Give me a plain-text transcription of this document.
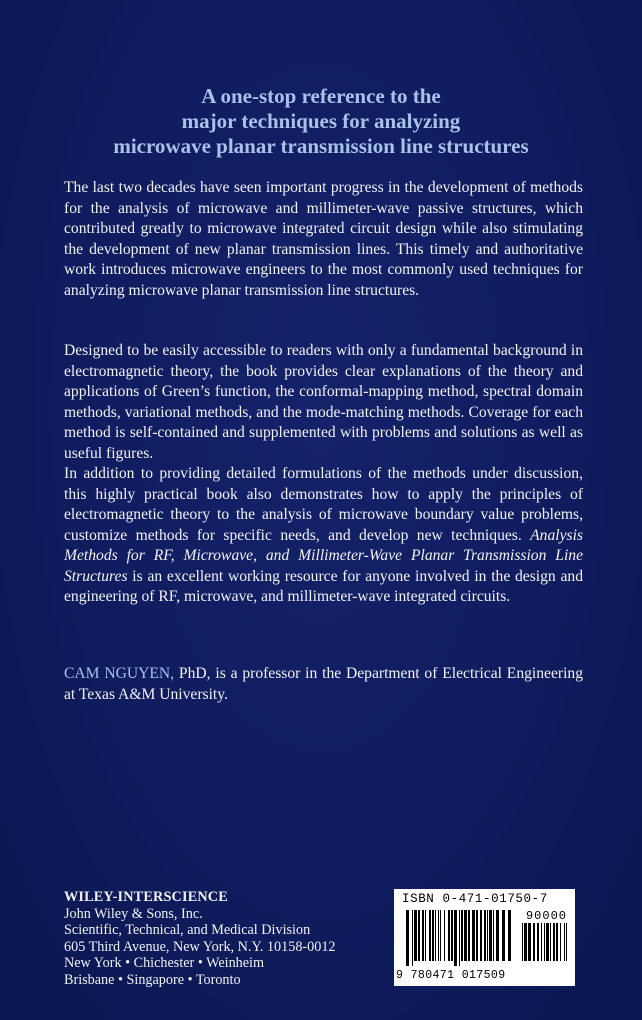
A one-stop reference to the
major techniques for analyzing
microwave planar transmission line structures

The last two decades have seen important progress in the development of methods for the analysis of microwave and millimeter-wave passive structures, which contributed greatly to microwave integrated circuit design while also stimulating the development of new planar transmission lines. This timely and authoritative work introduces microwave engineers to the most commonly used techniques for analyzing microwave planar transmission line structures.

Designed to be easily accessible to readers with only a fundamental background in electromagnetic theory, the book provides clear explanations of the theory and applications of Green’s function, the conformal-mapping method, spectral domain methods, variational methods, and the mode-matching methods. Coverage for each method is self-contained and supplemented with problems and solutions as well as useful figures.

In addition to providing detailed formulations of the methods under discussion, this highly practical book also demonstrates how to apply the principles of electromagnetic theory to the analysis of microwave boundary value problems, customize methods for specific needs, and develop new techniques. Analysis Methods for RF, Microwave, and Millimeter-Wave Planar Transmission Line Structures is an excellent working resource for anyone involved in the design and engineering of RF, microwave, and millimeter-wave integrated circuits.

CAM NGUYEN, PhD, is a professor in the Department of Electrical Engineering at Texas A&M University.

WILEY-INTERSCIENCE
John Wiley & Sons, Inc.
Scientific, Technical, and Medical Division
605 Third Avenue, New York, N.Y. 10158-0012
New York • Chichester • Weinheim
Brisbane • Singapore • Toronto
ISBN 0-471-01750-7
90000
9 780471 017509
